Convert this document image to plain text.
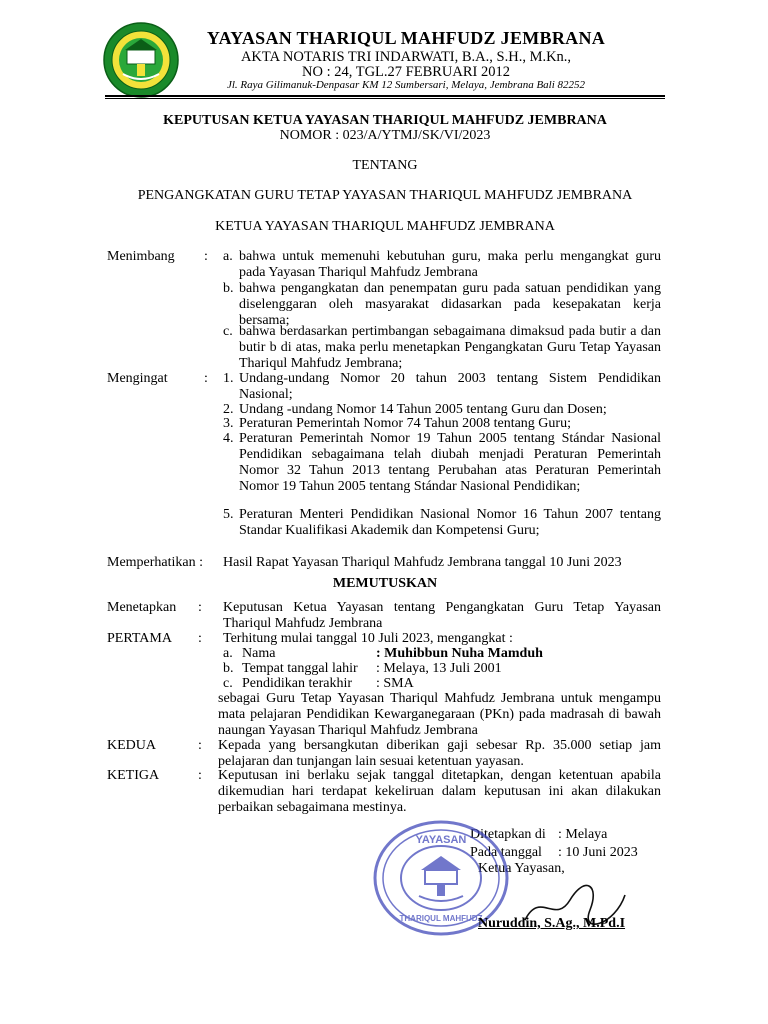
YAYASAN THARIQUL MAHFUDZ JEMBRANA
AKTA NOTARIS TRI INDARWATI, B.A., S.H., M.Kn.,
NO : 24, TGL.27 FEBRUARI 2012
Jl. Raya Gilimanuk-Denpasar KM 12 Sumbersari, Melaya, Jembrana Bali 82252
KEPUTUSAN KETUA YAYASAN THARIQUL MAHFUDZ JEMBRANA
NOMOR : 023/A/YTMJ/SK/VI/2023
TENTANG
PENGANGKATAN GURU TETAP YAYASAN THARIQUL MAHFUDZ JEMBRANA
KETUA YAYASAN THARIQUL MAHFUDZ JEMBRANA
Menimbang	:	a. bahwa untuk memenuhi kebutuhan guru, maka perlu mengangkat guru pada Yayasan Thariqul Mahfudz Jembrana
b. bahwa pengangkatan dan penempatan guru pada satuan pendidikan yang diselenggaran oleh masyarakat didasarkan pada kesepakatan kerja bersama;
c. bahwa berdasarkan pertimbangan sebagaimana dimaksud pada butir a dan butir b di atas, maka perlu menetapkan Pengangkatan Guru Tetap Yayasan Thariqul Mahfudz Jembrana;
Mengingat	:	1. Undang-undang Nomor 20 tahun 2003 tentang Sistem Pendidikan Nasional;
2. Undang -undang Nomor 14 Tahun 2005 tentang Guru dan Dosen;
3. Peraturan Pemerintah Nomor 74 Tahun 2008 tentang Guru;
4. Peraturan Pemerintah Nomor 19 Tahun 2005 tentang Stándar Nasional Pendidikan sebagaimana telah diubah menjadi Peraturan Pemerintah Nomor 32 Tahun 2013 tentang Perubahan atas Peraturan Pemerintah Nomor 19 Tahun 2005 tentang Stándar Nasional Pendidikan;
5. Peraturan Menteri Pendidikan Nasional Nomor 16 Tahun 2007 tentang Standar Kualifikasi Akademik dan Kompetensi Guru;
Memperhatikan :	Hasil Rapat Yayasan Thariqul Mahfudz Jembrana tanggal 10 Juni 2023
MEMUTUSKAN
Menetapkan	:	Keputusan Ketua Yayasan tentang Pengangkatan Guru Tetap Yayasan Thariqul Mahfudz Jembrana
PERTAMA	:	Terhitung mulai tanggal 10 Juli 2023, mengangkat :
a. Nama	: Muhibbun Nuha Mamduh
b. Tempat tanggal lahir	: Melaya, 13 Juli 2001
c. Pendidikan terakhir	: SMA
sebagai Guru Tetap Yayasan Thariqul Mahfudz Jembrana untuk mengampu mata pelajaran Pendidikan Kewarganegaraan (PKn) pada madrasah di bawah naungan Yayasan Thariqul Mahfudz Jembrana
KEDUA	:	Kepada yang bersangkutan diberikan gaji sebesar Rp. 35.000 setiap jam pelajaran dan tunjangan lain sesuai ketentuan yayasan.
KETIGA	:	Keputusan ini berlaku sejak tanggal ditetapkan, dengan ketentuan apabila dikemudian hari terdapat kekeliruan dalam keputusan ini akan dilakukan perbaikan sebagaimana mestinya.
Ditetapkan di : Melaya
Pada tanggal	: 10 Juni 2023
Ketua Yayasan,
YAYASAN
THARIQUL MAHFUDZ
Nuruddin, S.Ag., M.Pd.I
